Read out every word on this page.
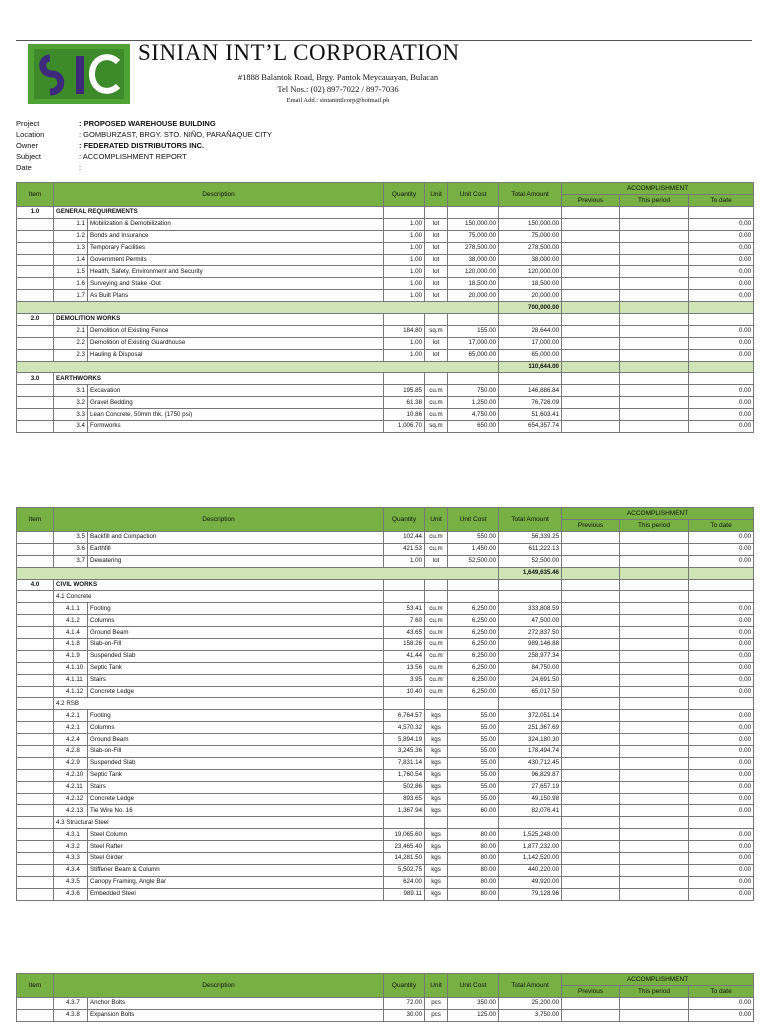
SINIAN INT’L CORPORATION
#1888 Balantok Road, Brgy. Pantok Meycauayan, Bulacan
Tel Nos.: (02) 897-7022 / 897-7036
Email Add.: sinianintlcorp@hotmail.ph
Project	: PROPOSED WAREHOUSE BUILDING
Location	: GOMBURZAST, BRGY. STO. NIÑO, PARAÑAQUE CITY
Owner	: FEDERATED DISTRIBUTORS INC.
Subject	: ACCOMPLISHMENT REPORT
Date	:
Item	Description		Quantity	Unit	Unit Cost	Total Amount	ACCOMPLISHMENT		
							Previous	This period	To date
1.0	GENERAL REQUIREMENTS								
	1.1	Mobilization & Demobilization	1.00	lot	150,000.00	150,000.00			0.00
	1.2	Bonds and Insurance	1.00	lot	75,000.00	75,000.00			0.00
	1.3	Temporary Facilities	1.00	lot	278,500.00	278,500.00			0.00
	1.4	Government Permits	1.00	lot	38,000.00	38,000.00			0.00
	1.5	Health, Safety, Environment and Security	1.00	lot	120,000.00	120,000.00			0.00
	1.6	Surveying and Stake -Out	1.00	lot	18,500.00	18,500.00			0.00
	1.7	As Built Plans	1.00	lot	20,000.00	20,000.00			0.00
						700,000.00			
2.0	DEMOLITION WORKS								
	2.1	Demolition of Existing Fence	184.80	sq.m	155.00	28,644.00			0.00
	2.2	Demolition of Existing Guardhouse	1.00	lot	17,000.00	17,000.00			0.00
	2.3	Hauling & Disposal	1.00	lot	65,000.00	65,000.00			0.00
						110,644.00			
3.0	EARTHWORKS								
	3.1	Excavation	195.85	cu.m	750.00	146,886.84			0.00
	3.2	Gravel Bedding	61.38	cu.m	1,250.00	76,726.09			0.00
	3.3	Lean Concrete, 50mm thk. (1750 psi)	10.86	cu.m	4,750.00	51,603.41			0.00
	3.4	Formworks	1,006.70	sq.m	650.00	654,357.74			0.00
Item	Description		Quantity	Unit	Unit Cost	Total Amount	ACCOMPLISHMENT		
							Previous	This period	To date
	3.5	Backfill and Compaction	102.44	cu.m	550.00	56,339.25			0.00
	3.6	Earthfill	421.53	cu.m	1,450.00	611,222.13			0.00
	3.7	Dewatering	1.00	lot	52,500.00	52,500.00			0.00
						1,649,635.46			
4.0	CIVIL WORKS								
	4.1 Concrete								
	4.1.1	Footing	53.41	cu.m	6,250.00	333,808.59			0.00
	4.1.2	Columns	7.60	cu.m	6,250.00	47,500.00			0.00
	4.1.4	Ground Beam	43.65	cu.m	6,250.00	272,837.50			0.00
	4.1.8	Slab-on-Fill	158.26	cu.m	6,250.00	989,146.88			0.00
	4.1.9	Suspended Slab	41.44	cu.m	6,250.00	258,977.34			0.00
	4.1.10	Septic Tank	13.56	cu.m	6,250.00	84,750.00			0.00
	4.1.11	Stairs	3.95	cu.m	6,250.00	24,691.50			0.00
	4.1.12	Concrete Ledge	10.40	cu.m	6,250.00	65,017.50			0.00
	4.2 RSB								
	4.2.1	Footing	6,764.57	kgs	55.00	372,051.14			0.00
	4.2.1	Columns	4,570.32	kgs	55.00	251,367.69			0.00
	4.2.4	Ground Beam	5,894.19	kgs	55.00	324,180.30			0.00
	4.2.8	Slab-on-Fill	3,245.36	kgs	55.00	178,494.74			0.00
	4.2.9	Suspended Slab	7,831.14	kgs	55.00	430,712.45			0.00
	4.2.10	Septic Tank	1,760.54	kgs	55.00	96,829.87			0.00
	4.2.11	Stairs	502.86	kgs	55.00	27,657.19			0.00
	4.2.12	Concrete Ledge	893.65	kgs	55.00	49,150.98			0.00
	4.2.13	Tie Wire No. 16	1,367.94	kgs	60.00	82,076.41			0.00
	4.3 Structural Steel								
	4.3.1	Steel Column	19,065.60	kgs	80.00	1,525,248.00			0.00
	4.3.2	Steel Rafter	23,465.40	kgs	80.00	1,877,232.00			0.00
	4.3.3	Steel Girder	14,281.50	kgs	80.00	1,142,520.00			0.00
	4.3.4	Stiffener Beam & Column	5,502.75	kgs	80.00	440,220.00			0.00
	4.3.5	Canopy Framing, Angle Bar	624.00	kgs	80.00	49,920.00			0.00
	4.3.6	Embedded Steel	989.11	kgs	80.00	79,128.96			0.00
Item	Description		Quantity	Unit	Unit Cost	Total Amount	ACCOMPLISHMENT		
							Previous	This period	To date
	4.3.7	Anchor Bolts	72.00	pcs	350.00	25,200.00			0.00
	4.3.8	Expansion Bolts	30.00	pcs	125.00	3,750.00			0.00
